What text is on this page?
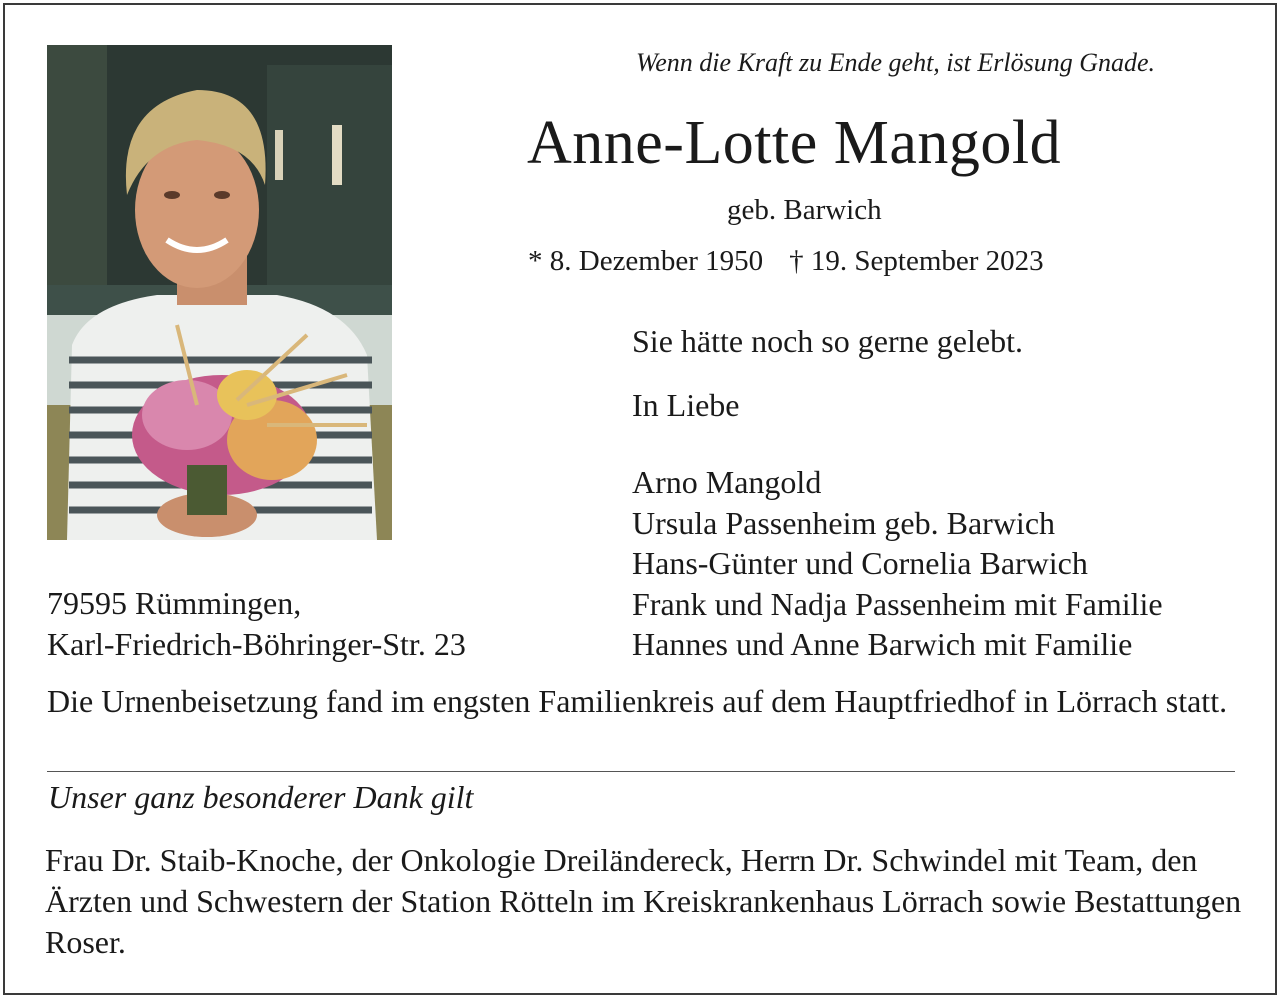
Wenn die Kraft zu Ende geht, ist Erlösung Gnade.
Anne-Lotte Mangold
geb. Barwich
* 8. Dezember 1950 † 19. September 2023
Sie hätte noch so gerne gelebt.
In Liebe
Arno Mangold
Ursula Passenheim geb. Barwich
Hans-Günter und Cornelia Barwich
Frank und Nadja Passenheim mit Familie
Hannes und Anne Barwich mit Familie
79595 Rümmingen,
Karl-Friedrich-Böhringer-Str. 23
Die Urnenbeisetzung fand im engsten Familienkreis auf dem Hauptfriedhof in Lörrach statt.
Unser ganz besonderer Dank gilt
Frau Dr. Staib-Knoche, der Onkologie Dreiländereck, Herrn Dr. Schwindel mit Team, den Ärzten und Schwestern der Station Rötteln im Kreiskrankenhaus Lörrach sowie Bestattungen Roser.
